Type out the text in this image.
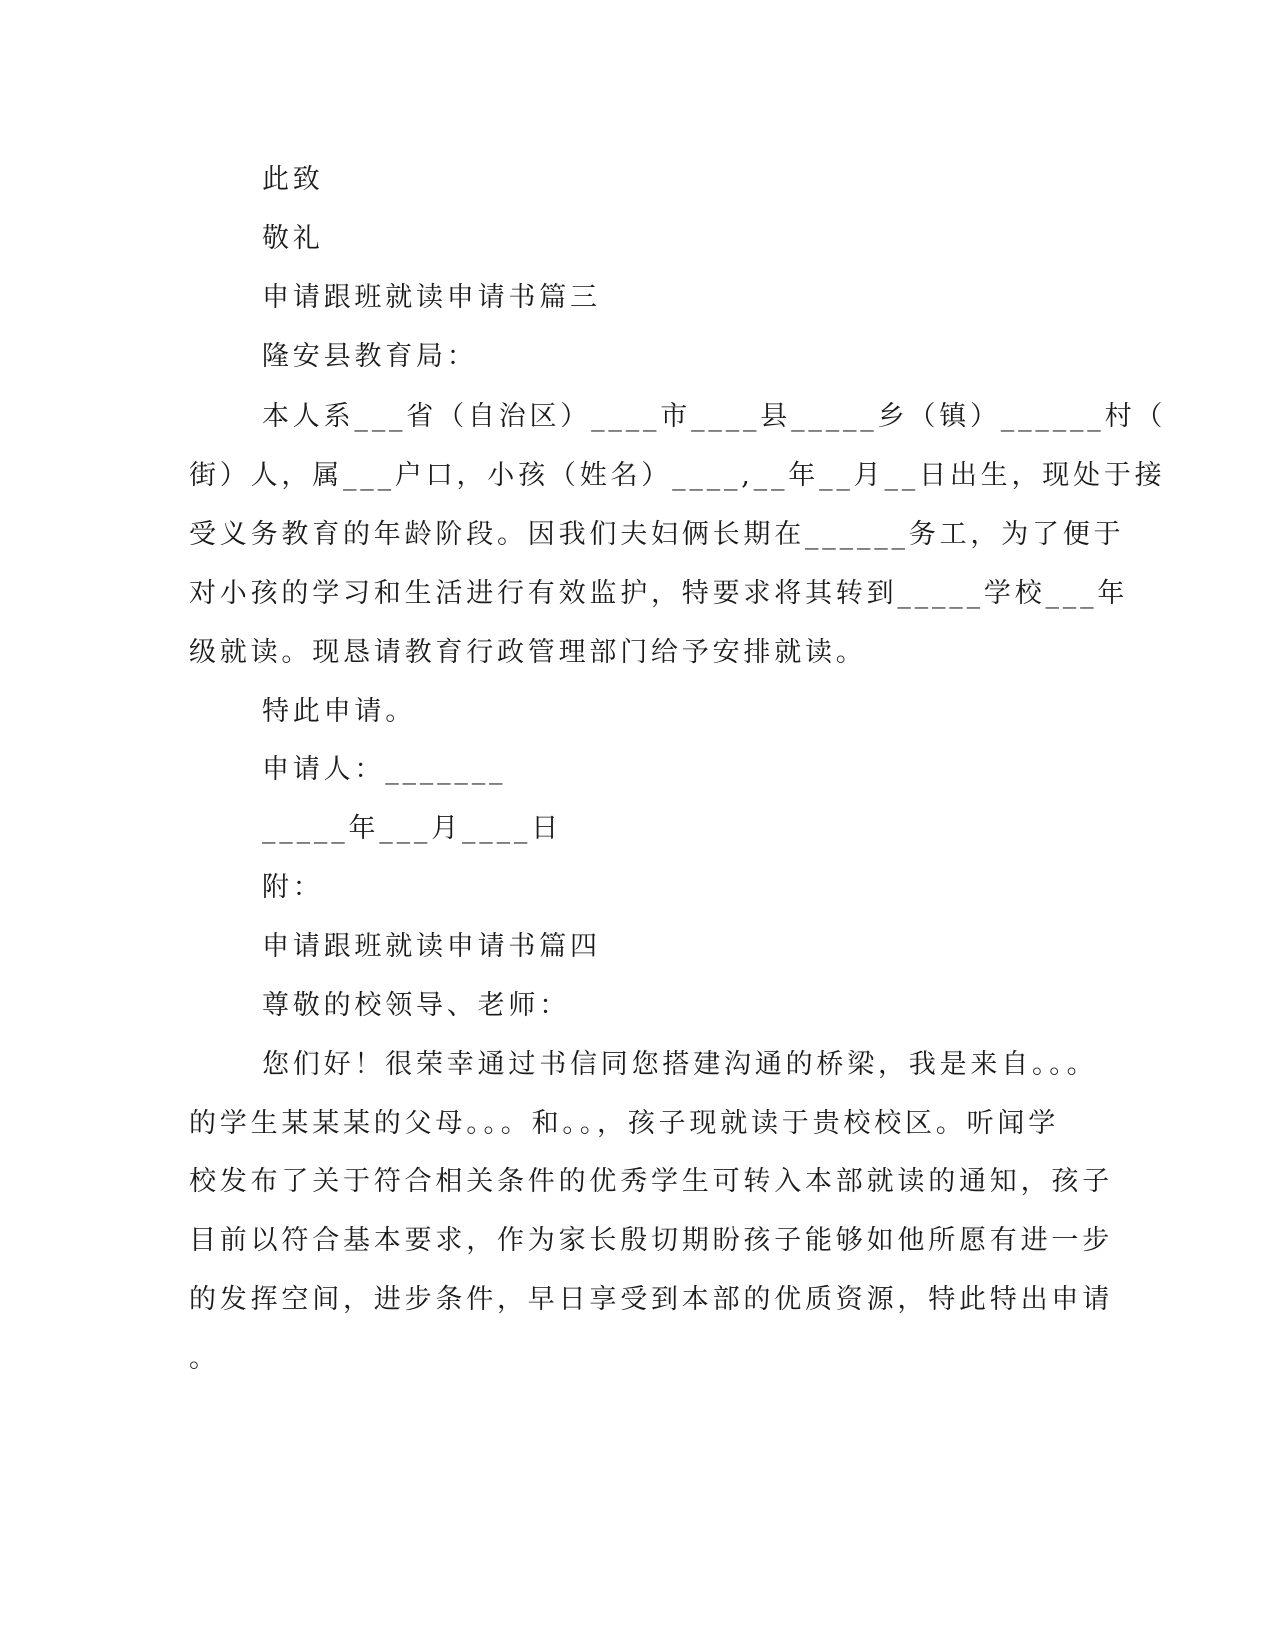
此致
敬礼
申请跟班就读申请书篇三
隆安县教育局：
本人系___省（自治区）____市____县_____乡（镇）______村（
街）人，属___户口，小孩（姓名）____,__年__月__日出生，现处于接
受义务教育的年龄阶段。因我们夫妇俩长期在______务工，为了便于
对小孩的学习和生活进行有效监护，特要求将其转到_____学校___年
级就读。现恳请教育行政管理部门给予安排就读。
特此申请。
申请人：_______
_____年___月____日
附：
申请跟班就读申请书篇四
尊敬的校领导、老师：
您们好！很荣幸通过书信同您搭建沟通的桥梁，我是来自。。。
的学生某某某的父母。。。和。。，孩子现就读于贵校校区。听闻学
校发布了关于符合相关条件的优秀学生可转入本部就读的通知，孩子
目前以符合基本要求，作为家长殷切期盼孩子能够如他所愿有进一步
的发挥空间，进步条件，早日享受到本部的优质资源，特此特出申请
。
